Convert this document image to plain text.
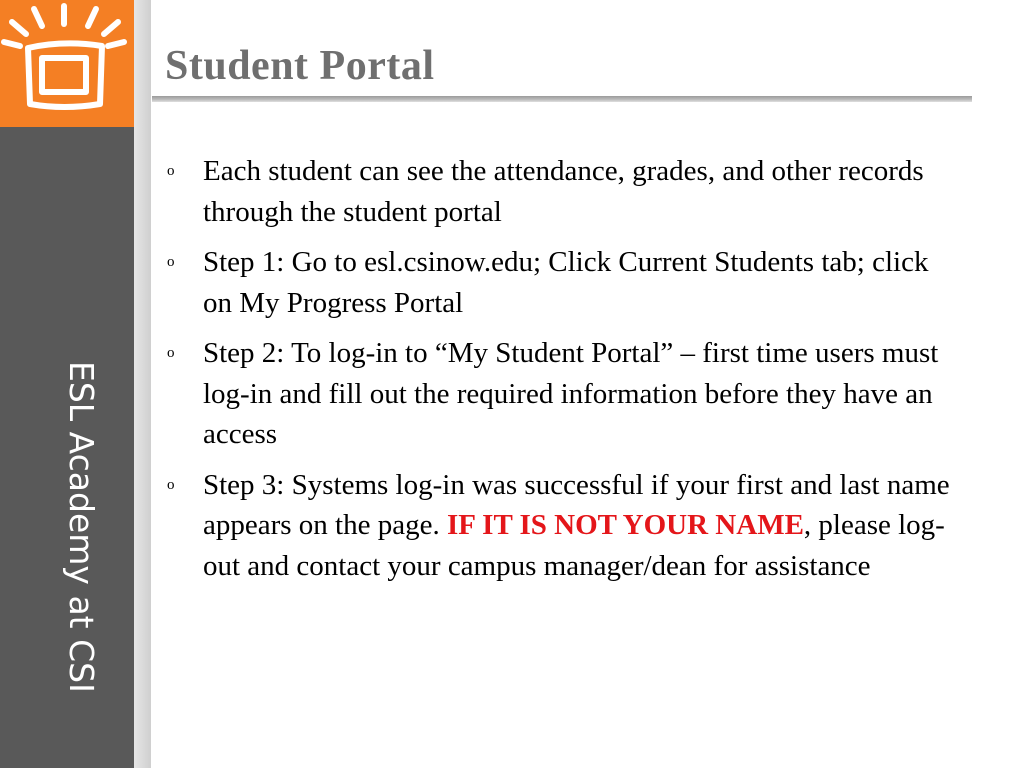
ESL Academy at CSI
Student Portal
o Each student can see the attendance, grades, and other records through the student portal
o Step 1: Go to esl.csinow.edu; Click Current Students tab; click on My Progress Portal
o Step 2: To log-in to “My Student Portal” – first time users must log-in and fill out the required information before they have an access
o Step 3: Systems log-in was successful if your first and last name appears on the page. IF IT IS NOT YOUR NAME, please log-out and contact your campus manager/dean for assistance
